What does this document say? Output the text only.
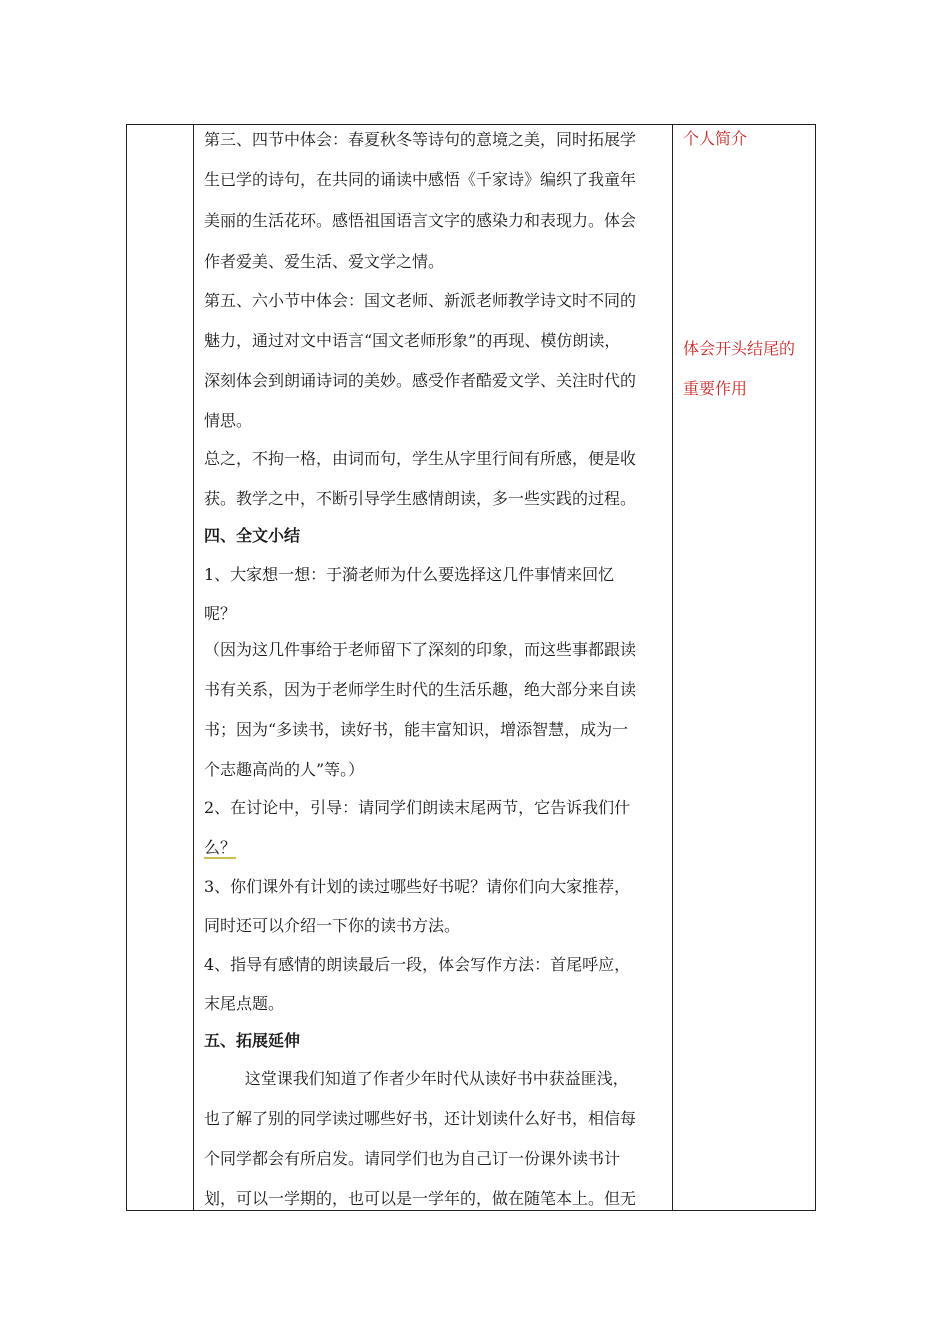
第三、四节中体会：春夏秋冬等诗句的意境之美，同时拓展学
生已学的诗句，在共同的诵读中感悟《千家诗》编织了我童年
美丽的生活花环。感悟祖国语言文字的感染力和表现力。体会
作者爱美、爱生活、爱文学之情。
第五、六小节中体会：国文老师、新派老师教学诗文时不同的
魅力，通过对文中语言“国文老师形象”的再现、模仿朗读，
深刻体会到朗诵诗词的美妙。感受作者酷爱文学、关注时代的
情思。
总之，不拘一格，由词而句，学生从字里行间有所感，便是收
获。教学之中，不断引导学生感情朗读，多一些实践的过程。
四、全文小结
1、大家想一想：于漪老师为什么要选择这几件事情来回忆
呢？
（因为这几件事给于老师留下了深刻的印象，而这些事都跟读
书有关系，因为于老师学生时代的生活乐趣，绝大部分来自读
书；因为“多读书，读好书，能丰富知识，增添智慧，成为一
个志趣高尚的人”等。）
2、在讨论中，引导：请同学们朗读末尾两节，它告诉我们什
么？
3、你们课外有计划的读过哪些好书呢？请你们向大家推荐，
同时还可以介绍一下你的读书方法。
4、指导有感情的朗读最后一段，体会写作方法：首尾呼应，
末尾点题。
五、拓展延伸
这堂课我们知道了作者少年时代从读好书中获益匪浅，
也了解了别的同学读过哪些好书，还计划读什么好书，相信每
个同学都会有所启发。请同学们也为自己订一份课外读书计
划，可以一学期的，也可以是一学年的，做在随笔本上。但无
个人简介
体会开头结尾的
重要作用
